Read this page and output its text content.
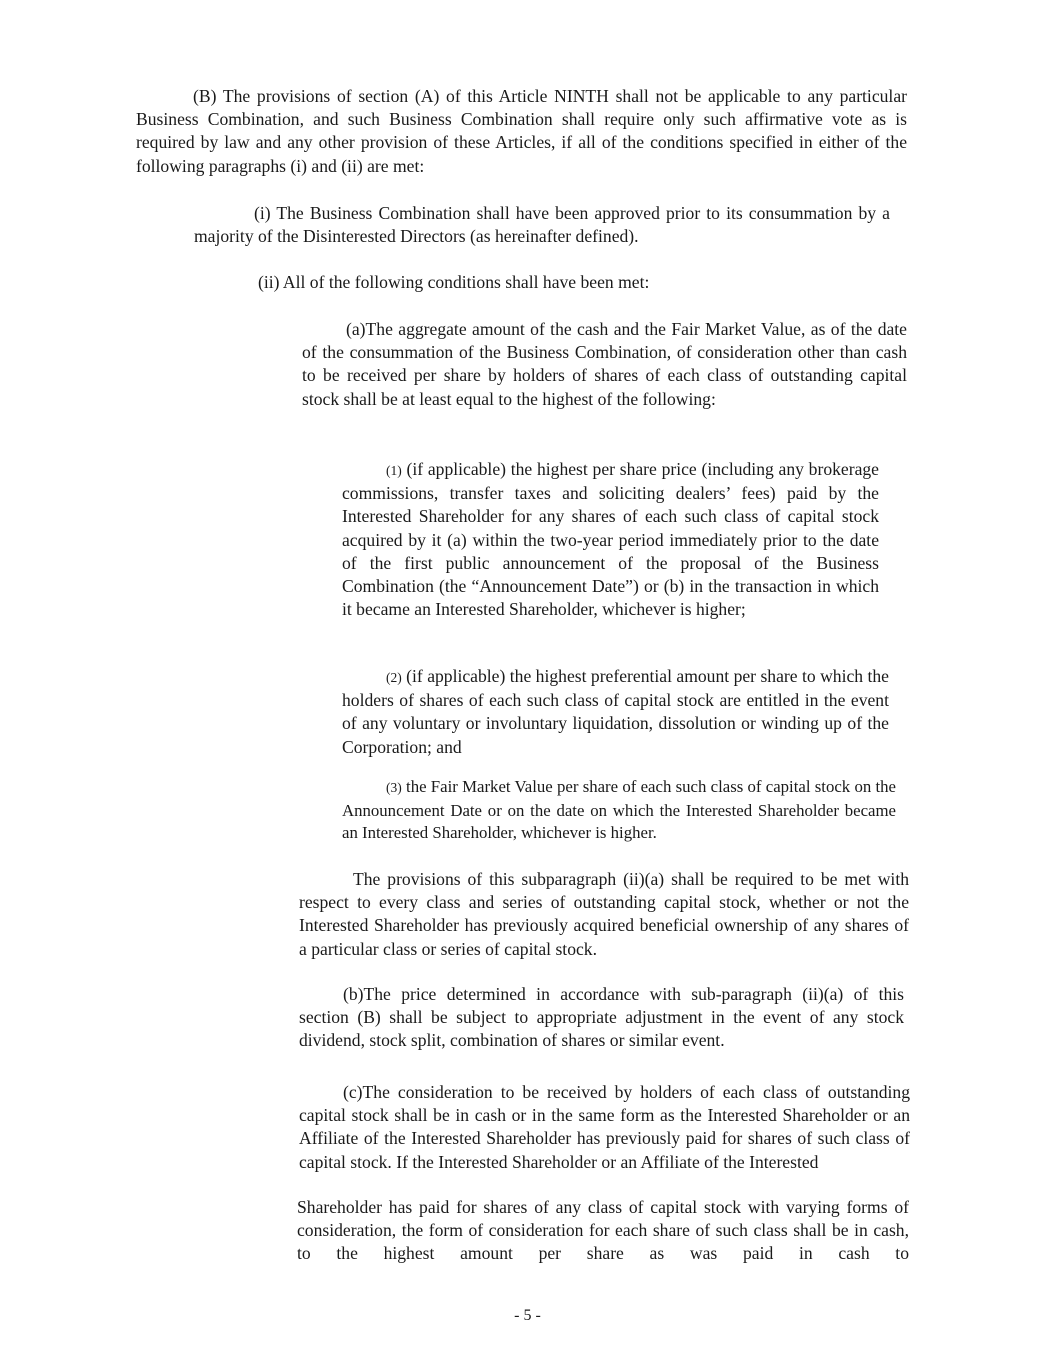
(B) The provisions of section (A) of this Article NINTH shall not be applicable to any particular Business Combination, and such Business Combination shall require only such affirmative vote as is required by law and any other provision of these Articles, if all of the conditions specified in either of the following paragraphs (i) and (ii) are met:

(i) The Business Combination shall have been approved prior to its consummation by a majority of the Disinterested Directors (as hereinafter defined).

(ii) All of the following conditions shall have been met:

(a)The aggregate amount of the cash and the Fair Market Value, as of the date of the consummation of the Business Combination, of consideration other than cash to be received per share by holders of shares of each class of outstanding capital stock shall be at least equal to the highest of the following:

(1) (if applicable) the highest per share price (including any brokerage commissions, transfer taxes and soliciting dealers’ fees) paid by the Interested Shareholder for any shares of each such class of capital stock acquired by it (a) within the two-year period immediately prior to the date of the first public announcement of the proposal of the Business Combination (the “Announcement Date”) or (b) in the transaction in which it became an Interested Shareholder, whichever is higher;

(2) (if applicable) the highest preferential amount per share to which the holders of shares of each such class of capital stock are entitled in the event of any voluntary or involuntary liquidation, dissolution or winding up of the Corporation; and

(3) the Fair Market Value per share of each such class of capital stock on the Announcement Date or on the date on which the Interested Shareholder became an Interested Shareholder, whichever is higher.

The provisions of this subparagraph (ii)(a) shall be required to be met with respect to every class and series of outstanding capital stock, whether or not the Interested Shareholder has previously acquired beneficial ownership of any shares of a particular class or series of capital stock.

(b)The price determined in accordance with sub-paragraph (ii)(a) of this section (B) shall be subject to appropriate adjustment in the event of any stock dividend, stock split, combination of shares or similar event.

(c)The consideration to be received by holders of each class of outstanding capital stock shall be in cash or in the same form as the Interested Shareholder or an Affiliate of the Interested Shareholder has previously paid for shares of such class of capital stock. If the Interested Shareholder or an Affiliate of the Interested

Shareholder has paid for shares of any class of capital stock with varying forms of consideration, the form of consideration for each share of such class shall be in cash, to the highest amount per share as was paid in cash to

- 5 -
